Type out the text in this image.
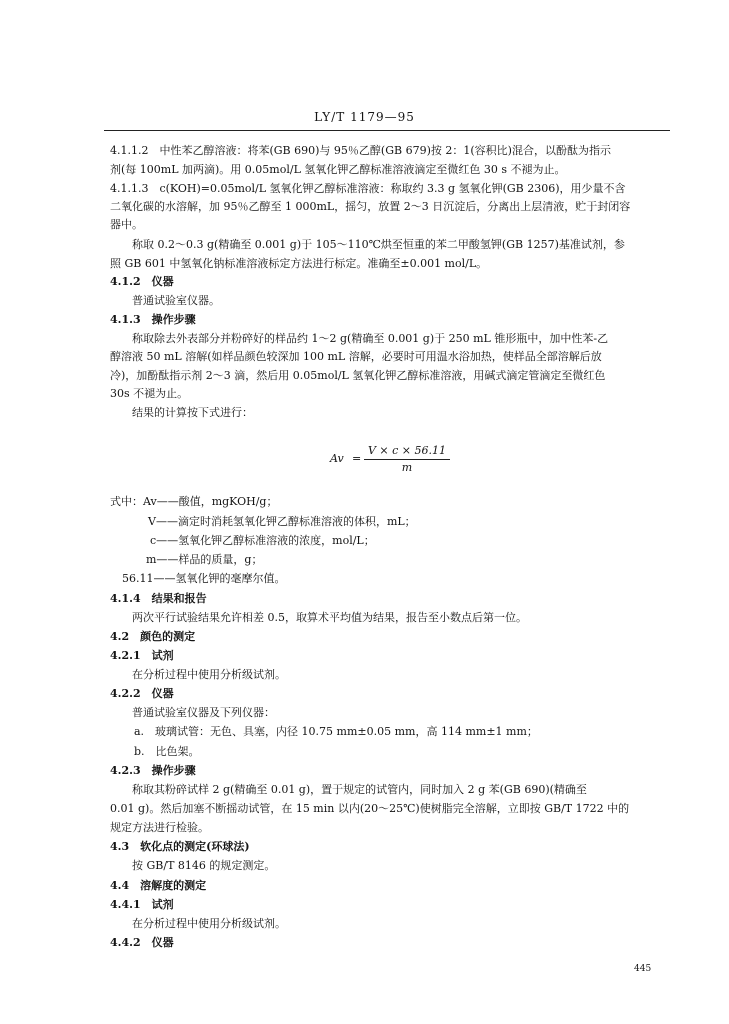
LY/T 1179—95
4.1.1.2　中性苯乙醇溶液：将苯(GB 690)与 95％乙醇(GB 679)按 2：1(容积比)混合，以酚酞为指示
剂(每 100mL 加两滴)。用 0.05mol/L 氢氧化钾乙醇标准溶液滴定至微红色 30 s 不褪为止。
4.1.1.3　c(KOH)=0.05mol/L 氢氧化钾乙醇标准溶液：称取约 3.3 g 氢氧化钾(GB 2306)，用少量不含
二氧化碳的水溶解，加 95％乙醇至 1 000mL，摇匀，放置 2～3 日沉淀后，分离出上层清液，贮于封闭容
器中。
称取 0.2～0.3 g(精确至 0.001 g)于 105～110℃烘至恒重的苯二甲酸氢钾(GB 1257)基准试剂，参
照 GB 601 中氢氧化钠标准溶液标定方法进行标定。准确至±0.001 mol/L。
4.1.2　仪器
普通试验室仪器。
4.1.3　操作步骤
称取除去外表部分并粉碎好的样品约 1～2 g(精确至 0.001 g)于 250 mL 锥形瓶中，加中性苯-乙
醇溶液 50 mL 溶解(如样品颜色较深加 100 mL 溶解，必要时可用温水浴加热，使样品全部溶解后放
冷)，加酚酞指示剂 2～3 滴，然后用 0.05mol/L 氢氧化钾乙醇标准溶液，用碱式滴定管滴定至微红色
30s 不褪为止。
结果的计算按下式进行：
Av =
V × c × 56.11
m
式中：Av——酸值，mgKOH/g；
V——滴定时消耗氢氧化钾乙醇标准溶液的体积，mL；
c——氢氧化钾乙醇标准溶液的浓度，mol/L；
m——样品的质量，g；
56.11——氢氧化钾的毫摩尔值。
4.1.4　结果和报告
两次平行试验结果允许相差 0.5，取算术平均值为结果，报告至小数点后第一位。
4.2　颜色的测定
4.2.1　试剂
在分析过程中使用分析级试剂。
4.2.2　仪器
普通试验室仪器及下列仪器：
a.　玻璃试管：无色、具塞，内径 10.75 mm±0.05 mm，高 114 mm±1 mm；
b.　比色架。
4.2.3　操作步骤
称取其粉碎试样 2 g(精确至 0.01 g)，置于规定的试管内，同时加入 2 g 苯(GB 690)(精确至
0.01 g)。然后加塞不断摇动试管，在 15 min 以内(20～25℃)使树脂完全溶解，立即按 GB/T 1722 中的
规定方法进行检验。
4.3　软化点的测定(环球法)
按 GB/T 8146 的规定测定。
4.4　溶解度的测定
4.4.1　试剂
在分析过程中使用分析级试剂。
4.4.2　仪器
445
